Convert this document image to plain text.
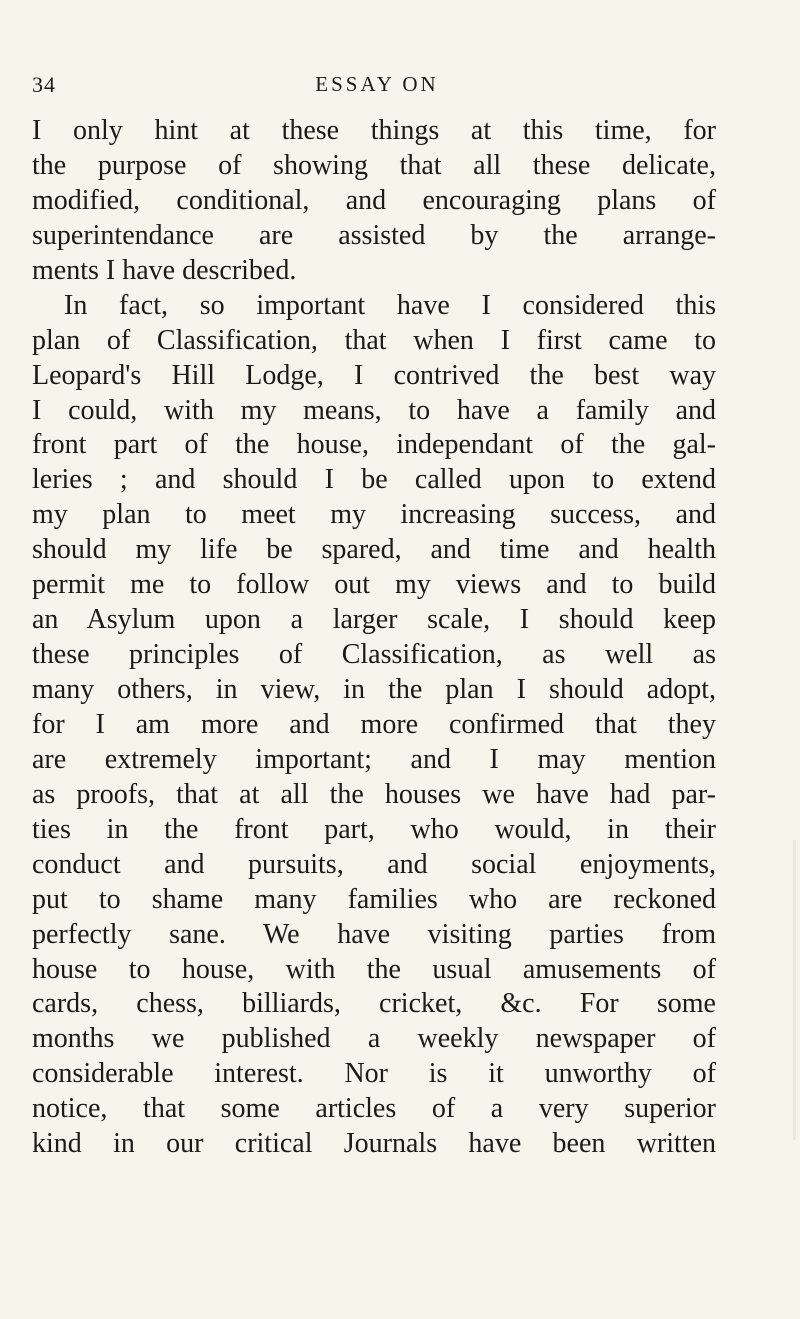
34	ESSAY ON
I only hint at these things at this time, for
the purpose of showing that all these delicate,
modified, conditional, and encouraging plans of
superintendance are assisted by the arrange-
ments I have described.
In fact, so important have I considered this
plan of Classification, that when I first came to
Leopard's Hill Lodge, I contrived the best way
I could, with my means, to have a family and
front part of the house, independant of the gal-
leries ; and should I be called upon to extend
my plan to meet my increasing success, and
should my life be spared, and time and health
permit me to follow out my views and to build
an Asylum upon a larger scale, I should keep
these principles of Classification, as well as
many others, in view, in the plan I should adopt,
for I am more and more confirmed that they
are extremely important; and I may mention
as proofs, that at all the houses we have had par-
ties in the front part, who would, in their
conduct and pursuits, and social enjoyments,
put to shame many families who are reckoned
perfectly sane. We have visiting parties from
house to house, with the usual amusements of
cards, chess, billiards, cricket, &c. For some
months we published a weekly newspaper of
considerable interest. Nor is it unworthy of
notice, that some articles of a very superior
kind in our critical Journals have been written
